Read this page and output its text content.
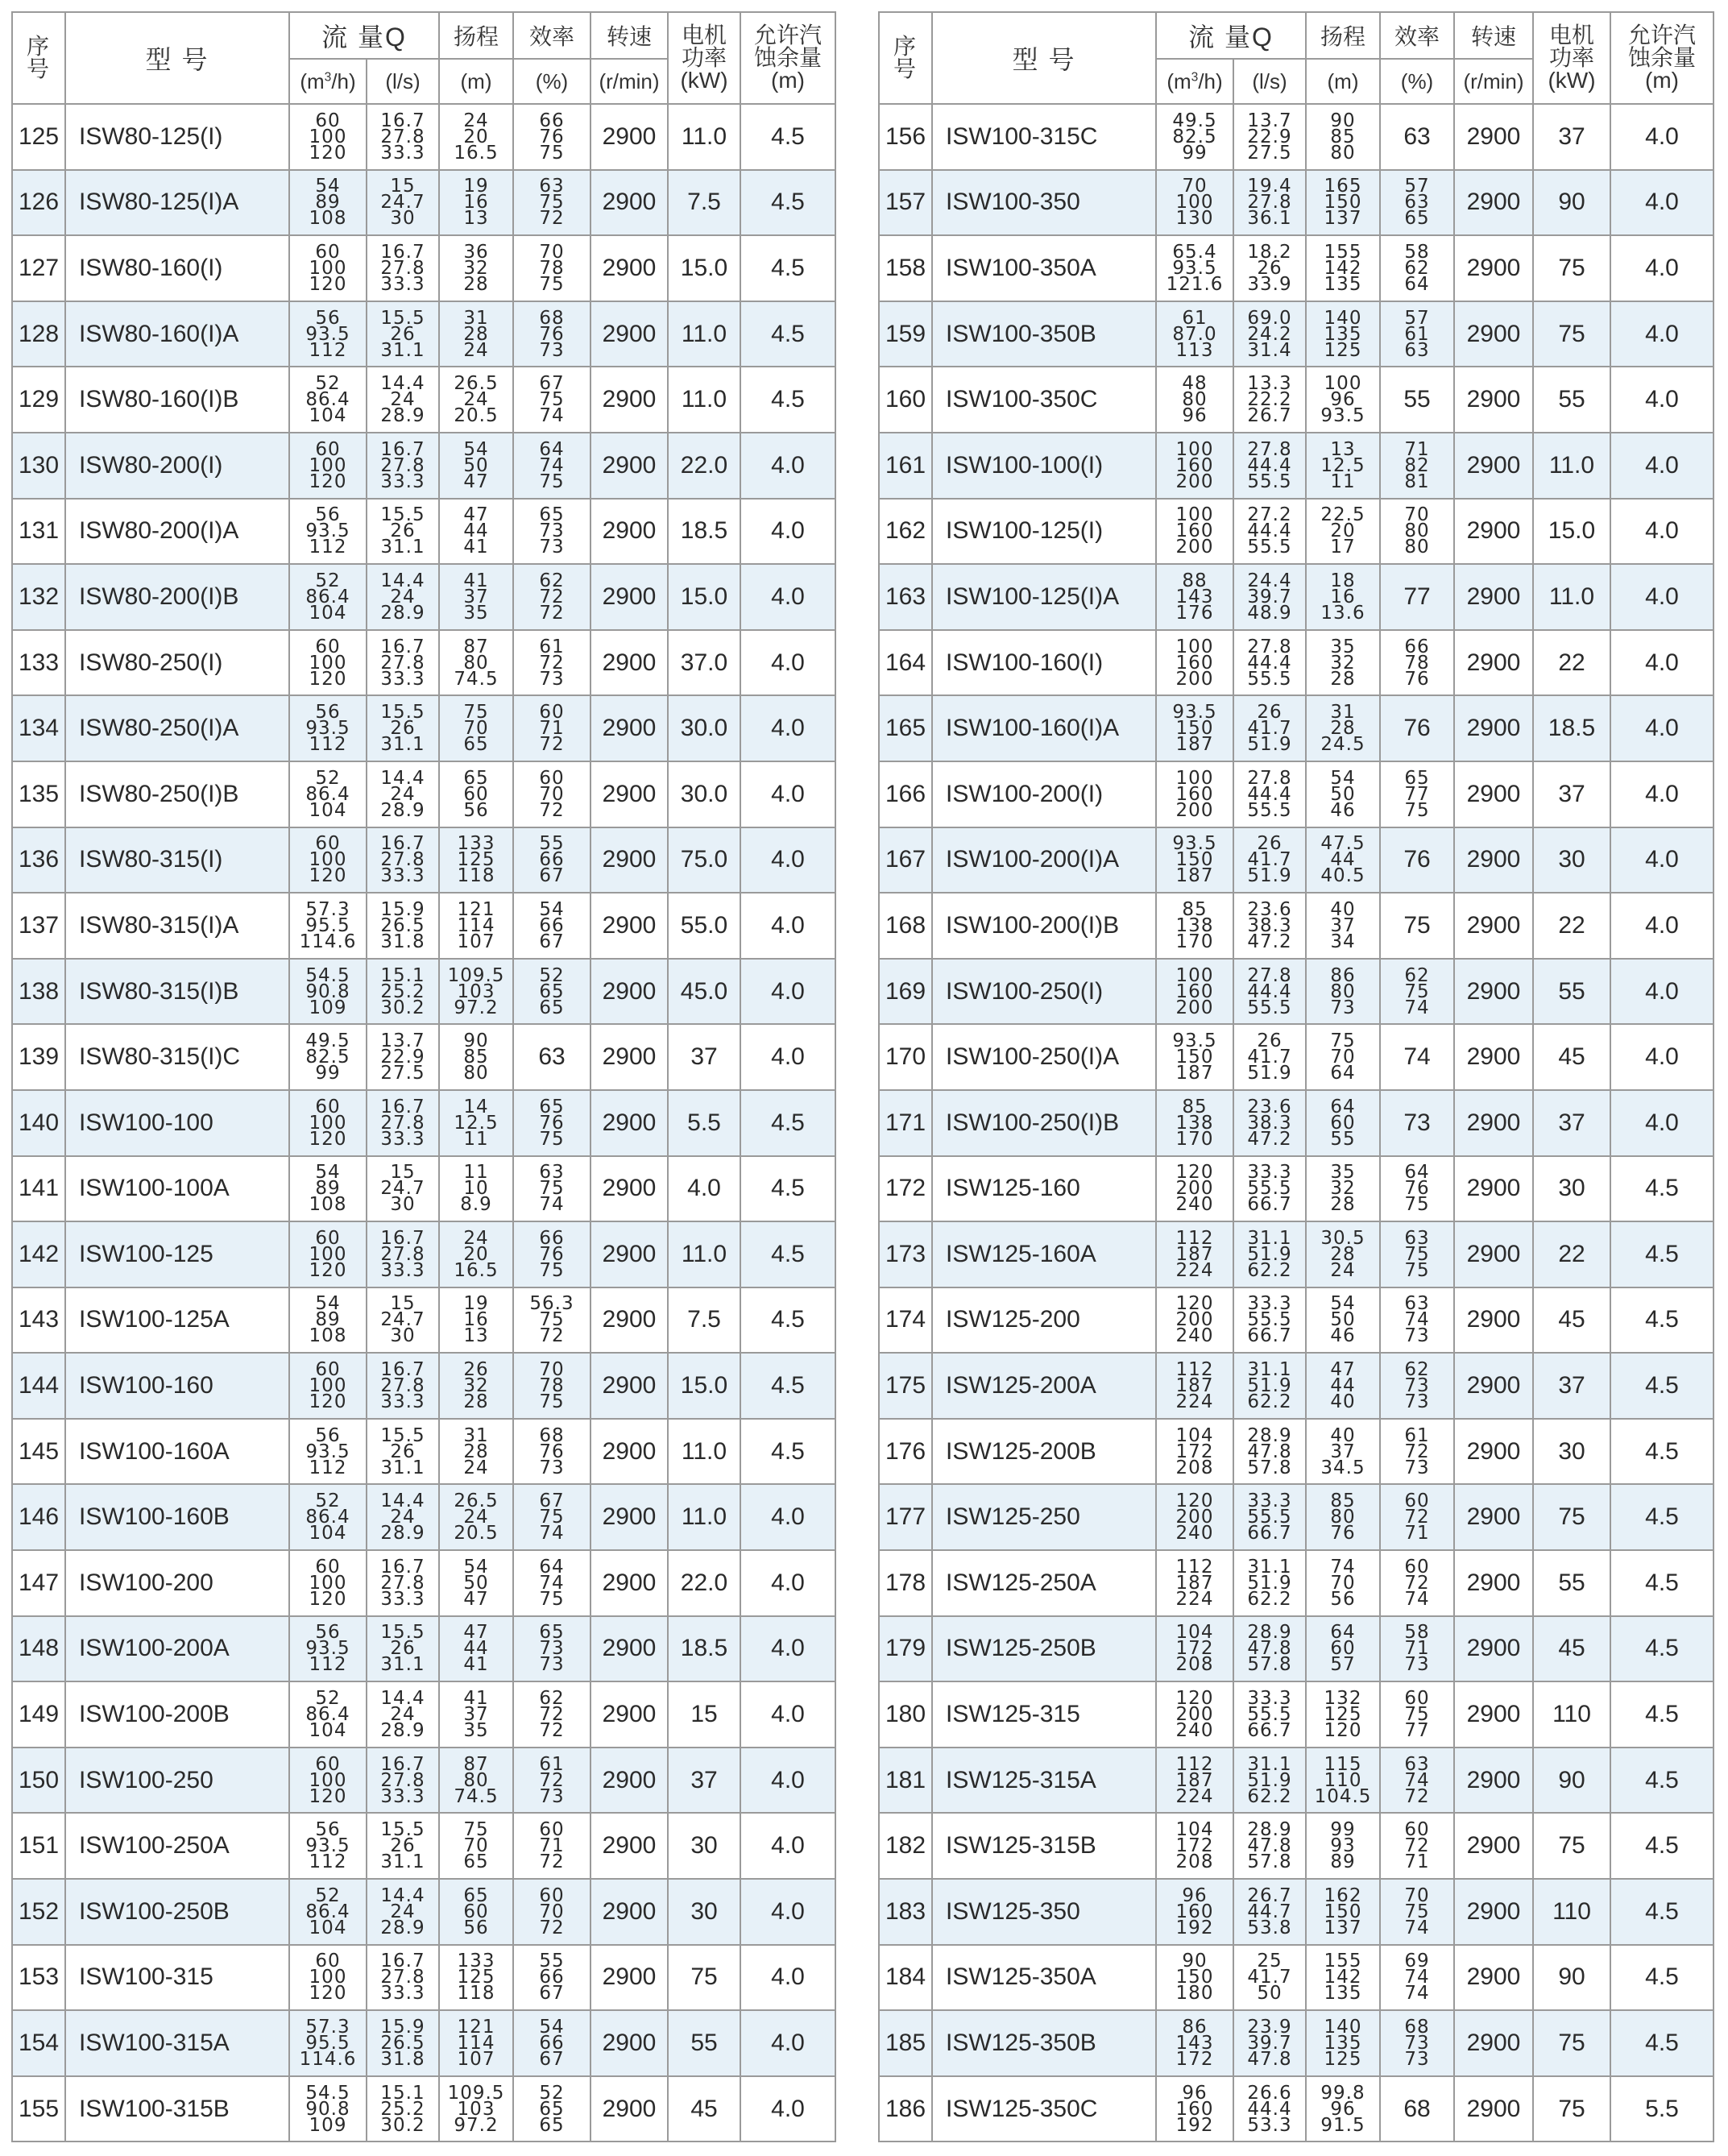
序
号	型 号	流 量Q		扬程	效率	转速	电机
功率
(kW)	允许汽
蚀余量
(m)
		$(m^3/h)$	(l/s)	(m)	(%)	(r/min)		
125	ISW80-125(I)	60
100
120	16.7
27.8
33.3	24
20
16.5	66
76
75	2900	11.0	4.5
126	ISW80-125(I)A	54
89
108	15
24.7
30	19
16
13	63
75
72	2900	7.5	4.5
127	ISW80-160(I)	60
100
120	16.7
27.8
33.3	36
32
28	70
78
75	2900	15.0	4.5
128	ISW80-160(I)A	56
93.5
112	15.5
26
31.1	31
28
24	68
76
73	2900	11.0	4.5
129	ISW80-160(I)B	52
86.4
104	14.4
24
28.9	26.5
24
20.5	67
75
74	2900	11.0	4.5
130	ISW80-200(I)	60
100
120	16.7
27.8
33.3	54
50
47	64
74
75	2900	22.0	4.0
131	ISW80-200(I)A	56
93.5
112	15.5
26
31.1	47
44
41	65
73
73	2900	18.5	4.0
132	ISW80-200(I)B	52
86.4
104	14.4
24
28.9	41
37
35	62
72
72	2900	15.0	4.0
133	ISW80-250(I)	60
100
120	16.7
27.8
33.3	87
80
74.5	61
72
73	2900	37.0	4.0
134	ISW80-250(I)A	56
93.5
112	15.5
26
31.1	75
70
65	60
71
72	2900	30.0	4.0
135	ISW80-250(I)B	52
86.4
104	14.4
24
28.9	65
60
56	60
70
72	2900	30.0	4.0
136	ISW80-315(I)	60
100
120	16.7
27.8
33.3	133
125
118	55
66
67	2900	75.0	4.0
137	ISW80-315(I)A	57.3
95.5
114.6	15.9
26.5
31.8	121
114
107	54
66
67	2900	55.0	4.0
138	ISW80-315(I)B	54.5
90.8
109	15.1
25.2
30.2	109.5
103
97.2	52
65
65	2900	45.0	4.0
139	ISW80-315(I)C	49.5
82.5
99	13.7
22.9
27.5	90
85
80	63	2900	37	4.0
140	ISW100-100	60
100
120	16.7
27.8
33.3	14
12.5
11	65
76
75	2900	5.5	4.5
141	ISW100-100A	54
89
108	15
24.7
30	11
10
8.9	63
75
74	2900	4.0	4.5
142	ISW100-125	60
100
120	16.7
27.8
33.3	24
20
16.5	66
76
75	2900	11.0	4.5
143	ISW100-125A	54
89
108	15
24.7
30	19
16
13	56.3
75
72	2900	7.5	4.5
144	ISW100-160	60
100
120	16.7
27.8
33.3	26
32
28	70
78
75	2900	15.0	4.5
145	ISW100-160A	56
93.5
112	15.5
26
31.1	31
28
24	68
76
73	2900	11.0	4.5
146	ISW100-160B	52
86.4
104	14.4
24
28.9	26.5
24
20.5	67
75
74	2900	11.0	4.0
147	ISW100-200	60
100
120	16.7
27.8
33.3	54
50
47	64
74
75	2900	22.0	4.0
148	ISW100-200A	56
93.5
112	15.5
26
31.1	47
44
41	65
73
73	2900	18.5	4.0
149	ISW100-200B	52
86.4
104	14.4
24
28.9	41
37
35	62
72
72	2900	15	4.0
150	ISW100-250	60
100
120	16.7
27.8
33.3	87
80
74.5	61
72
73	2900	37	4.0
151	ISW100-250A	56
93.5
112	15.5
26
31.1	75
70
65	60
71
72	2900	30	4.0
152	ISW100-250B	52
86.4
104	14.4
24
28.9	65
60
56	60
70
72	2900	30	4.0
153	ISW100-315	60
100
120	16.7
27.8
33.3	133
125
118	55
66
67	2900	75	4.0
154	ISW100-315A	57.3
95.5
114.6	15.9
26.5
31.8	121
114
107	54
66
67	2900	55	4.0
155	ISW100-315B	54.5
90.8
109	15.1
25.2
30.2	109.5
103
97.2	52
65
65	2900	45	4.0
序
号	型 号	流 量Q		扬程	效率	转速	电机
功率
(kW)	允许汽
蚀余量
(m)
		$(m^3/h)$	(l/s)	(m)	(%)	(r/min)		
156	ISW100-315C	49.5
82.5
99	13.7
22.9
27.5	90
85
80	63	2900	37	4.0
157	ISW100-350	70
100
130	19.4
27.8
36.1	165
150
137	57
63
65	2900	90	4.0
158	ISW100-350A	65.4
93.5
121.6	18.2
26
33.9	155
142
135	58
62
64	2900	75	4.0
159	ISW100-350B	61
87.0
113	69.0
24.2
31.4	140
135
125	57
61
63	2900	75	4.0
160	ISW100-350C	48
80
96	13.3
22.2
26.7	100
96
93.5	55	2900	55	4.0
161	ISW100-100(I)	100
160
200	27.8
44.4
55.5	13
12.5
11	71
82
81	2900	11.0	4.0
162	ISW100-125(I)	100
160
200	27.2
44.4
55.5	22.5
20
17	70
80
80	2900	15.0	4.0
163	ISW100-125(I)A	88
143
176	24.4
39.7
48.9	18
16
13.6	77	2900	11.0	4.0
164	ISW100-160(I)	100
160
200	27.8
44.4
55.5	35
32
28	66
78
76	2900	22	4.0
165	ISW100-160(I)A	93.5
150
187	26
41.7
51.9	31
28
24.5	76	2900	18.5	4.0
166	ISW100-200(I)	100
160
200	27.8
44.4
55.5	54
50
46	65
77
75	2900	37	4.0
167	ISW100-200(I)A	93.5
150
187	26
41.7
51.9	47.5
44
40.5	76	2900	30	4.0
168	ISW100-200(I)B	85
138
170	23.6
38.3
47.2	40
37
34	75	2900	22	4.0
169	ISW100-250(I)	100
160
200	27.8
44.4
55.5	86
80
73	62
75
74	2900	55	4.0
170	ISW100-250(I)A	93.5
150
187	26
41.7
51.9	75
70
64	74	2900	45	4.0
171	ISW100-250(I)B	85
138
170	23.6
38.3
47.2	64
60
55	73	2900	37	4.0
172	ISW125-160	120
200
240	33.3
55.5
66.7	35
32
28	64
76
75	2900	30	4.5
173	ISW125-160A	112
187
224	31.1
51.9
62.2	30.5
28
24	63
75
75	2900	22	4.5
174	ISW125-200	120
200
240	33.3
55.5
66.7	54
50
46	63
74
73	2900	45	4.5
175	ISW125-200A	112
187
224	31.1
51.9
62.2	47
44
40	62
73
73	2900	37	4.5
176	ISW125-200B	104
172
208	28.9
47.8
57.8	40
37
34.5	61
72
73	2900	30	4.5
177	ISW125-250	120
200
240	33.3
55.5
66.7	85
80
76	60
72
71	2900	75	4.5
178	ISW125-250A	112
187
224	31.1
51.9
62.2	74
70
56	60
72
74	2900	55	4.5
179	ISW125-250B	104
172
208	28.9
47.8
57.8	64
60
57	58
71
73	2900	45	4.5
180	ISW125-315	120
200
240	33.3
55.5
66.7	132
125
120	60
75
77	2900	110	4.5
181	ISW125-315A	112
187
224	31.1
51.9
62.2	115
110
104.5	63
74
72	2900	90	4.5
182	ISW125-315B	104
172
208	28.9
47.8
57.8	99
93
89	60
72
71	2900	75	4.5
183	ISW125-350	96
160
192	26.7
44.7
53.8	162
150
137	70
75
74	2900	110	4.5
184	ISW125-350A	90
150
180	25
41.7
50	155
142
135	69
74
74	2900	90	4.5
185	ISW125-350B	86
143
172	23.9
39.7
47.8	140
135
125	68
73
73	2900	75	4.5
186	ISW125-350C	96
160
192	26.6
44.4
53.3	99.8
96
91.5	68	2900	75	5.5
